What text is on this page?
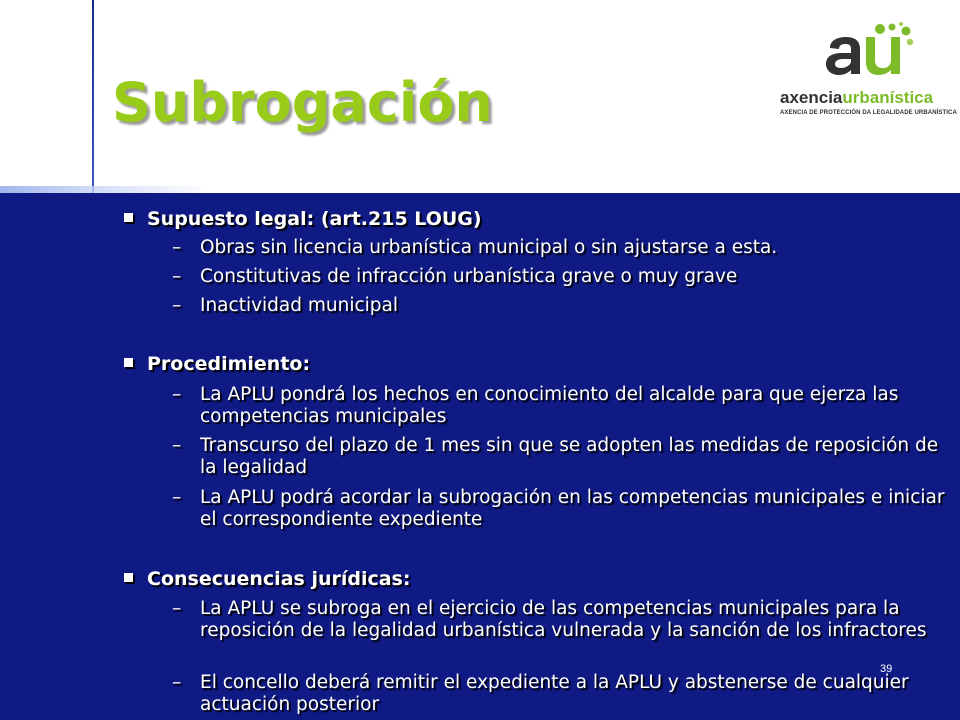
Subrogación	axenciaurbanística

AXENCIA DE PROTECCIÓN DA LEGALIDADE URBANÍSTICA

Supuesto legal: (art.215 LOUG)

– Obras sin licencia urbanística municipal o sin ajustarse a esta.
– Constitutivas de infracción urbanística grave o muy grave
– Inactividad municipal

Procedimiento:

– La APLU pondrá los hechos en conocimiento del alcalde para que ejerza las competencias municipales
– Transcurso del plazo de 1 mes sin que se adopten las medidas de reposición de la legalidad
– La APLU podrá acordar la subrogación en las competencias municipales e iniciar el correspondiente expediente

Consecuencias jurídicas:

– La APLU se subroga en el ejercicio de las competencias municipales para la reposición de la legalidad urbanística vulnerada y la sanción de los infractores
– El concello deberá remitir el expediente a la APLU y abstenerse de cualquier actuación posterior

39
